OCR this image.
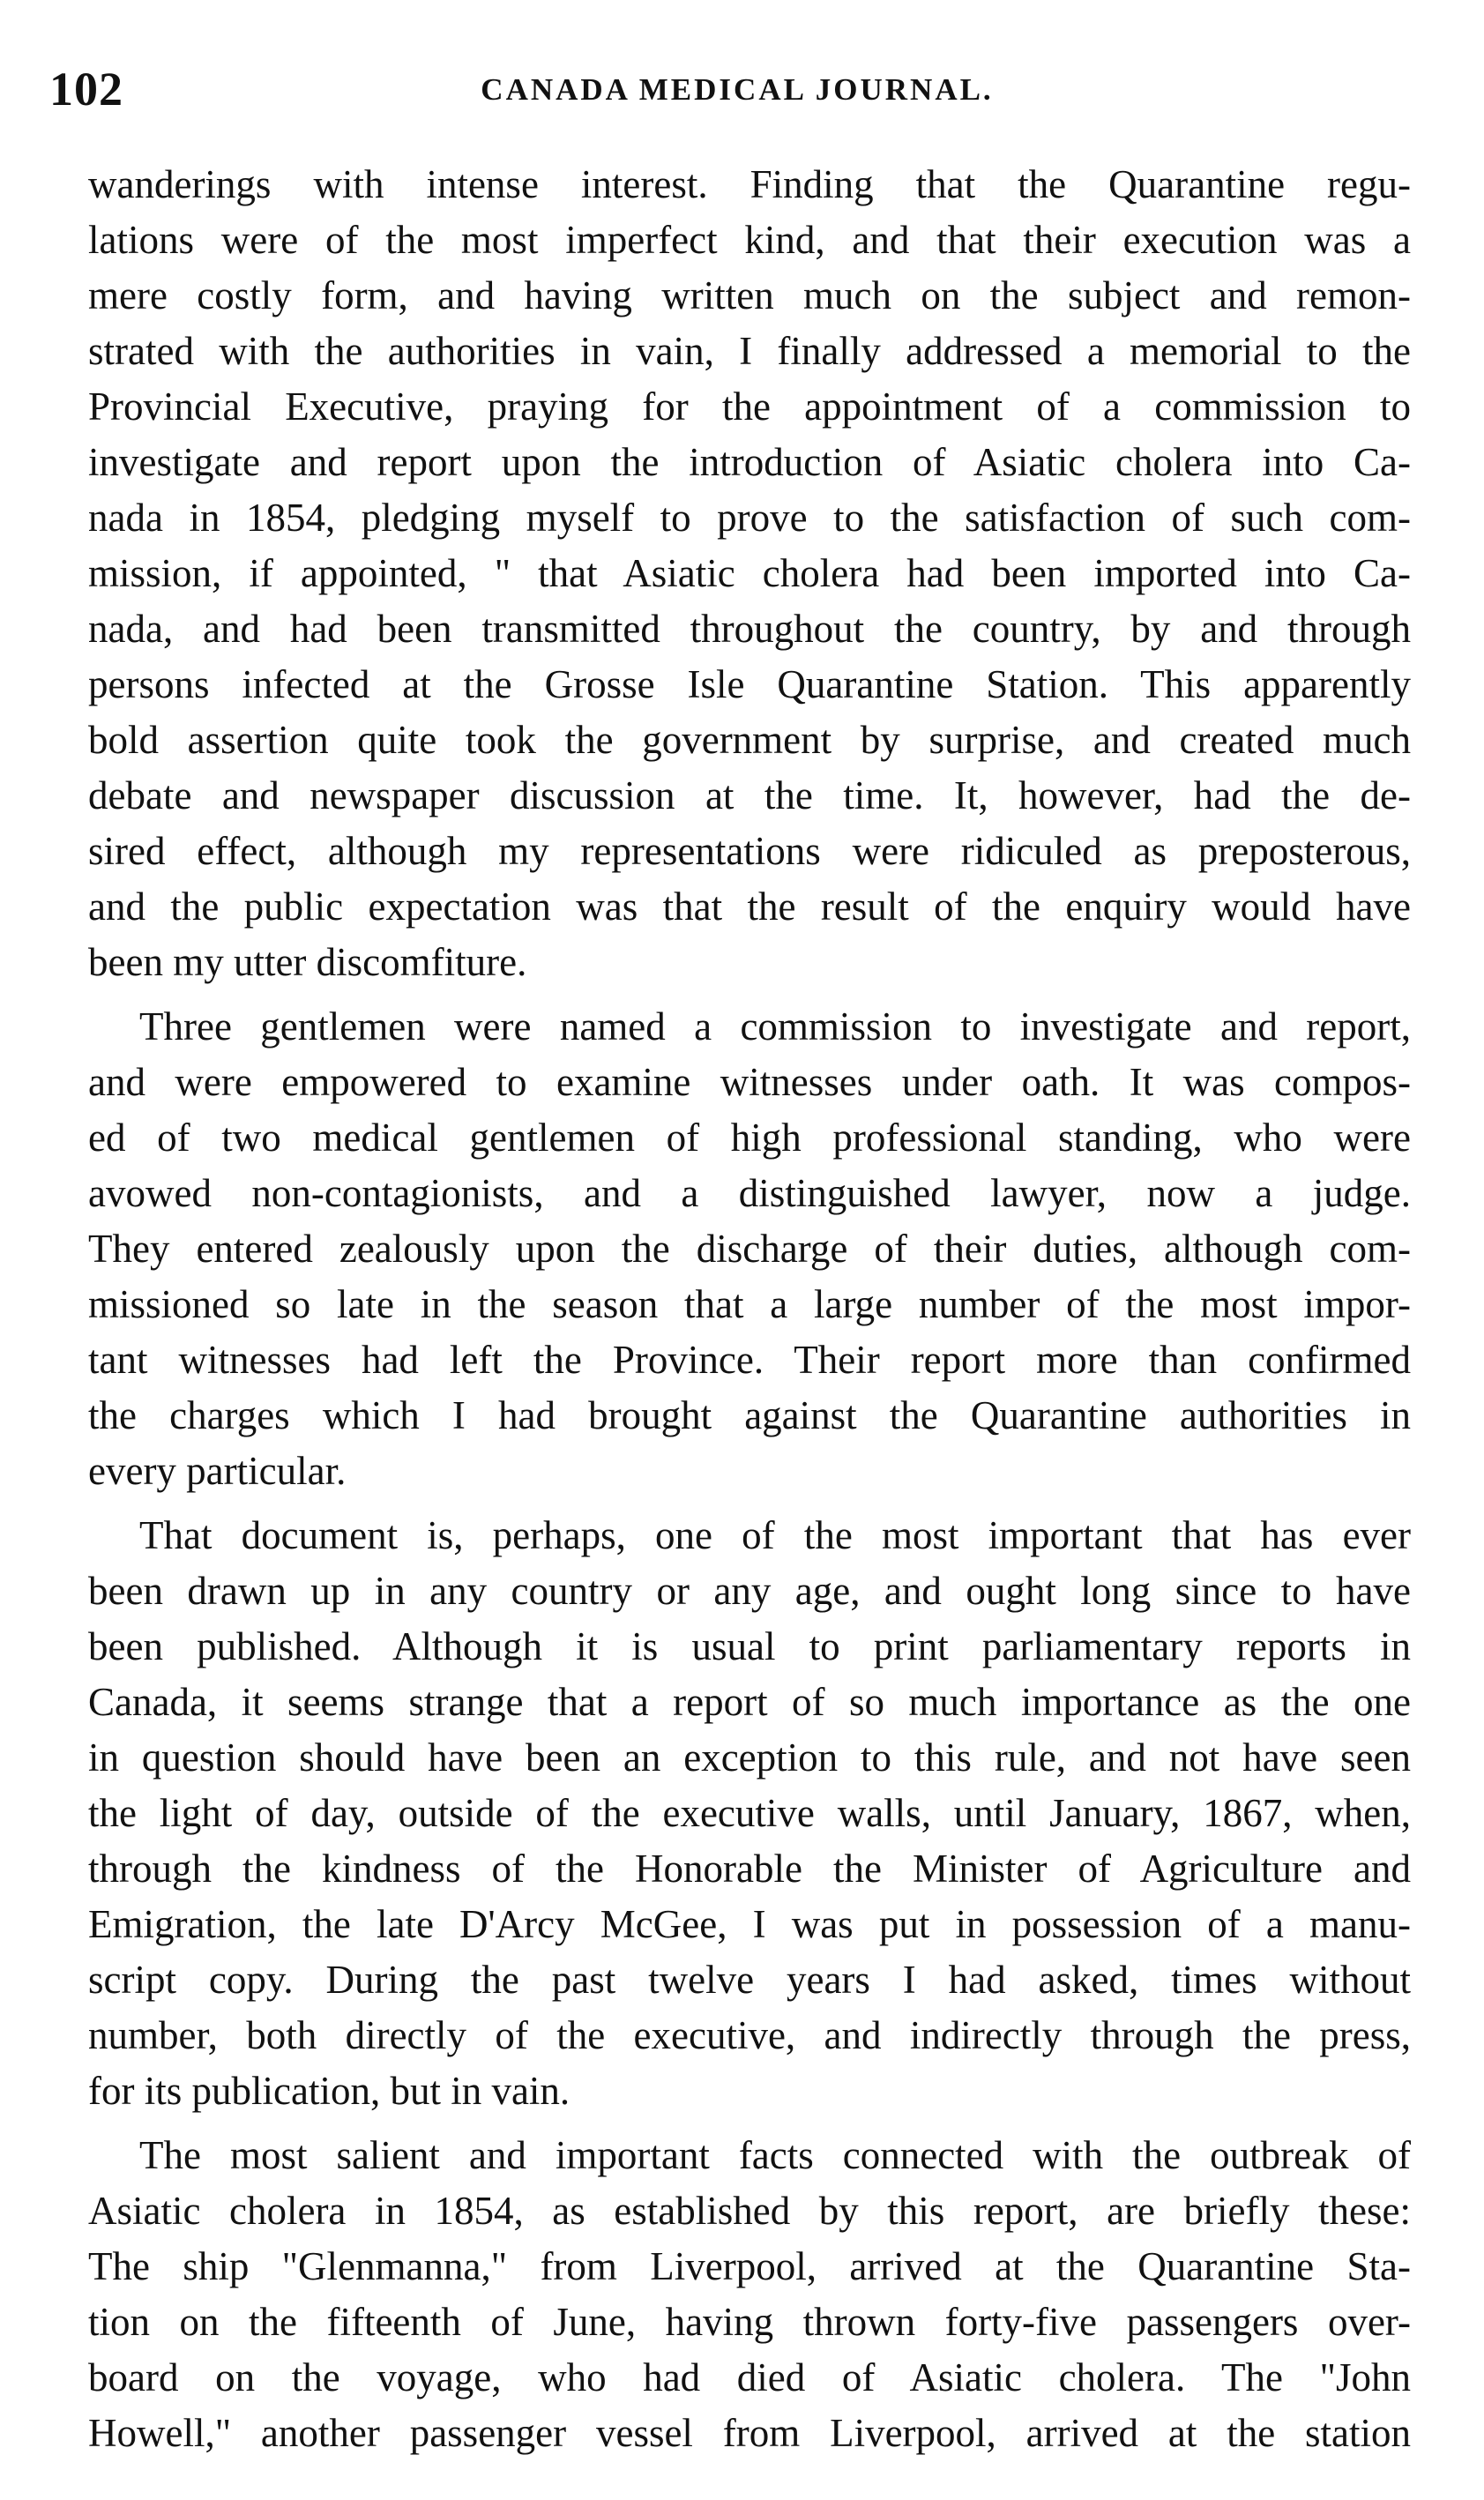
102	CANADA MEDICAL JOURNAL.
wanderings with intense interest. Finding that the Quarantine regu-
lations were of the most imperfect kind, and that their execution was a
mere costly form, and having written much on the subject and remon-
strated with the authorities in vain, I finally addressed a memorial to the
Provincial Executive, praying for the appointment of a commission to
investigate and report upon the introduction of Asiatic cholera into Ca-
nada in 1854, pledging myself to prove to the satisfaction of such com-
mission, if appointed, " that Asiatic cholera had been imported into Ca-
nada, and had been transmitted throughout the country, by and through
persons infected at the Grosse Isle Quarantine Station. This apparently
bold assertion quite took the government by surprise, and created much
debate and newspaper discussion at the time. It, however, had the de-
sired effect, although my representations were ridiculed as preposterous,
and the public expectation was that the result of the enquiry would have
been my utter discomfiture.
Three gentlemen were named a commission to investigate and report,
and were empowered to examine witnesses under oath. It was compos-
ed of two medical gentlemen of high professional standing, who were
avowed non-contagionists, and a distinguished lawyer, now a judge.
They entered zealously upon the discharge of their duties, although com-
missioned so late in the season that a large number of the most impor-
tant witnesses had left the Province. Their report more than confirmed
the charges which I had brought against the Quarantine authorities in
every particular.
That document is, perhaps, one of the most important that has ever
been drawn up in any country or any age, and ought long since to have
been published. Although it is usual to print parliamentary reports in
Canada, it seems strange that a report of so much importance as the one
in question should have been an exception to this rule, and not have seen
the light of day, outside of the executive walls, until January, 1867, when,
through the kindness of the Honorable the Minister of Agriculture and
Emigration, the late D'Arcy McGee, I was put in possession of a manu-
script copy. During the past twelve years I had asked, times without
number, both directly of the executive, and indirectly through the press,
for its publication, but in vain.
The most salient and important facts connected with the outbreak of
Asiatic cholera in 1854, as established by this report, are briefly these:
The ship "Glenmanna," from Liverpool, arrived at the Quarantine Sta-
tion on the fifteenth of June, having thrown forty-five passengers over-
board on the voyage, who had died of Asiatic cholera. The "John
Howell," another passenger vessel from Liverpool, arrived at the station
